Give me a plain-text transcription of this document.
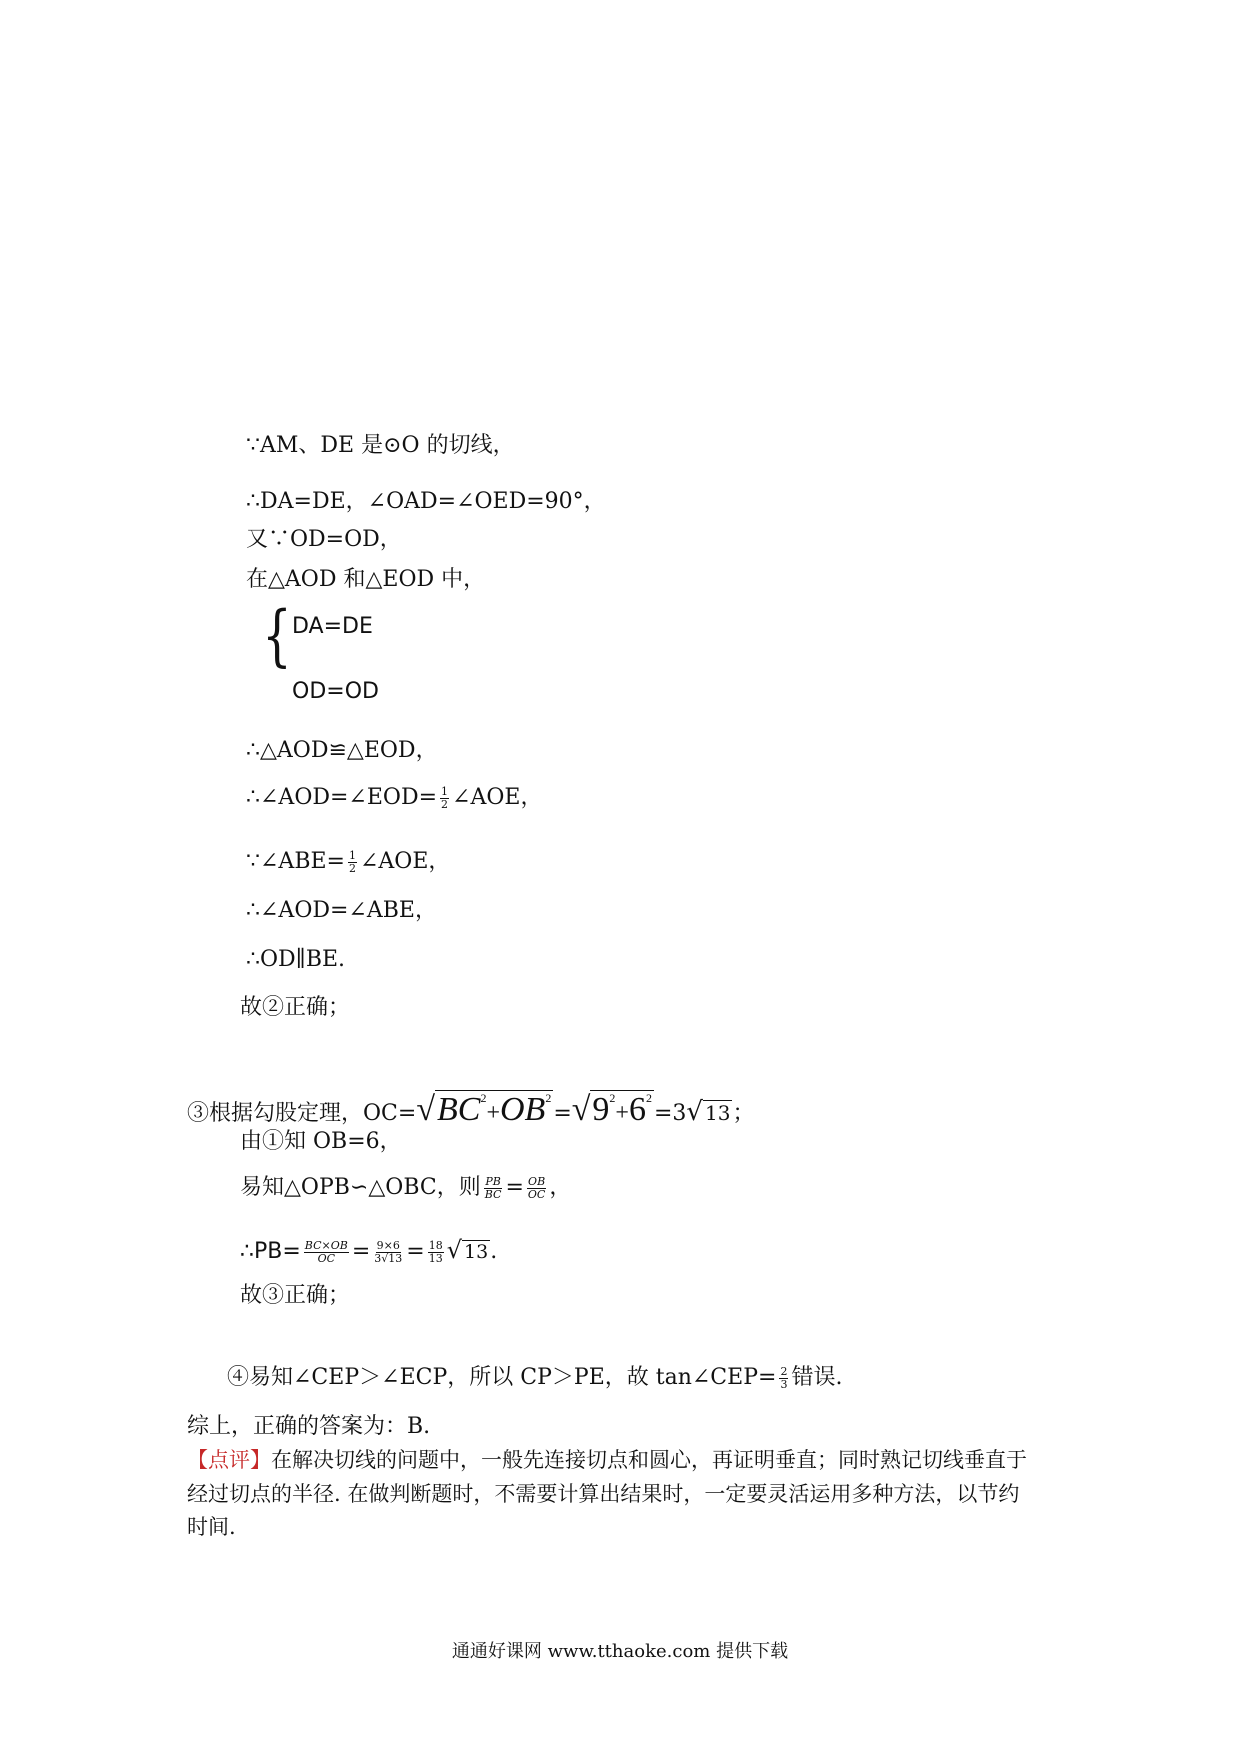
∵AM、DE 是⊙O 的切线，
∴DA=DE，∠OAD=∠OED=90°，
又∵OD=OD，
在△AOD 和△EOD 中，
{ DA=DE
OD=OD
∴△AOD≌△EOD，
∴∠AOD=∠EOD= $\frac{1}{2}$ ∠AOE，
∵∠ABE= $\frac{1}{2}$ ∠AOE，
∴∠AOD=∠ABE，
∴OD∥BE.
故②正确；
③根据勾股定理，$OC=√BC^2+OB^2=√9^2+6^2=3√$ 13；
由①知 OB=6，
易知△OPB∽△OBC，则 $\frac{PB}{BC} = \frac{OB}{OC}$ ，
∴PB= $\frac{BC\times OB}{OC} = \frac{9\times 6}{3√13} = \frac{18}{13}$ √ 13.
故③正确；
④易知∠CEP＞∠ECP，所以 CP＞PE，故 tan∠CEP= $\frac{2}{3}$ 错误.
综上，正确的答案为：B.
【点评】在解决切线的问题中，一般先连接切点和圆心，再证明垂直；同时熟记切线垂直于
经过切点的半径. 在做判断题时，不需要计算出结果时，一定要灵活运用多种方法，以节约
时间.
通通好课网 www.tthaoke.com 提供下载
